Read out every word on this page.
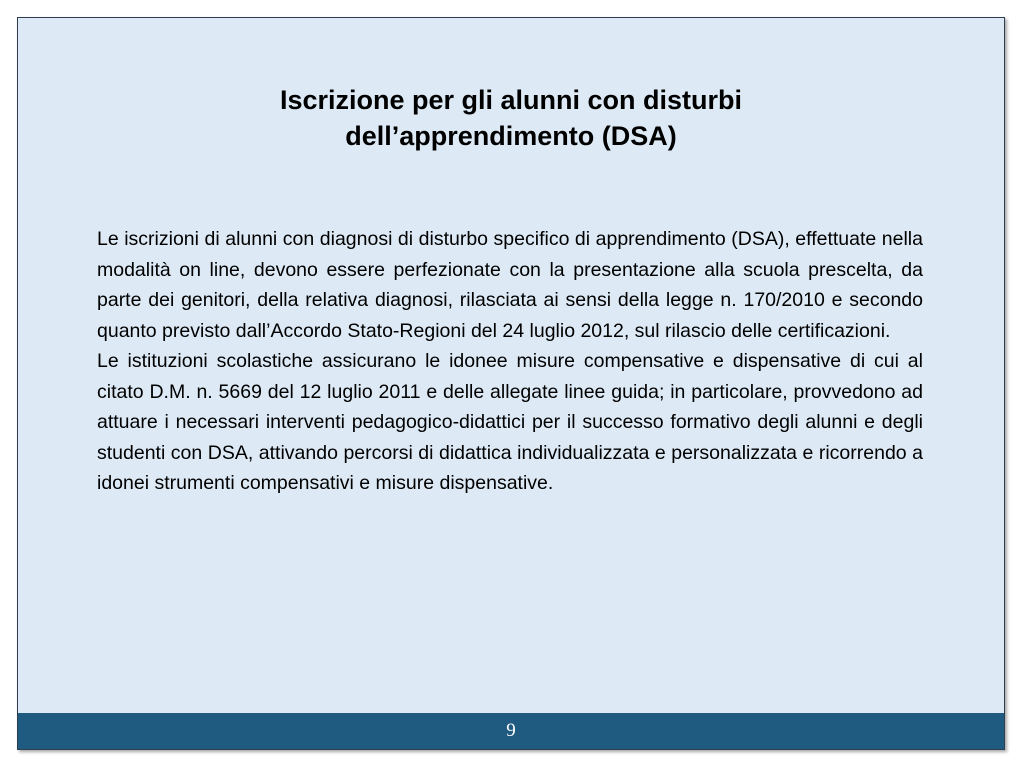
Iscrizione per gli alunni con disturbi
dell’apprendimento (DSA)

Le iscrizioni di alunni con diagnosi di disturbo specifico di apprendimento (DSA), effettuate nella modalità on line, devono essere perfezionate con la presentazione alla scuola prescelta, da parte dei genitori, della relativa diagnosi, rilasciata ai sensi della legge n. 170/2010 e secondo quanto previsto dall’Accordo Stato-Regioni del 24 luglio 2012, sul rilascio delle certificazioni.

Le istituzioni scolastiche assicurano le idonee misure compensative e dispensative di cui al citato D.M. n. 5669 del 12 luglio 2011 e delle allegate linee guida; in particolare, provvedono ad attuare i necessari interventi pedagogico-didattici per il successo formativo degli alunni e degli studenti con DSA, attivando percorsi di didattica individualizzata e personalizzata e ricorrendo a idonei strumenti compensativi e misure dispensative.

9
